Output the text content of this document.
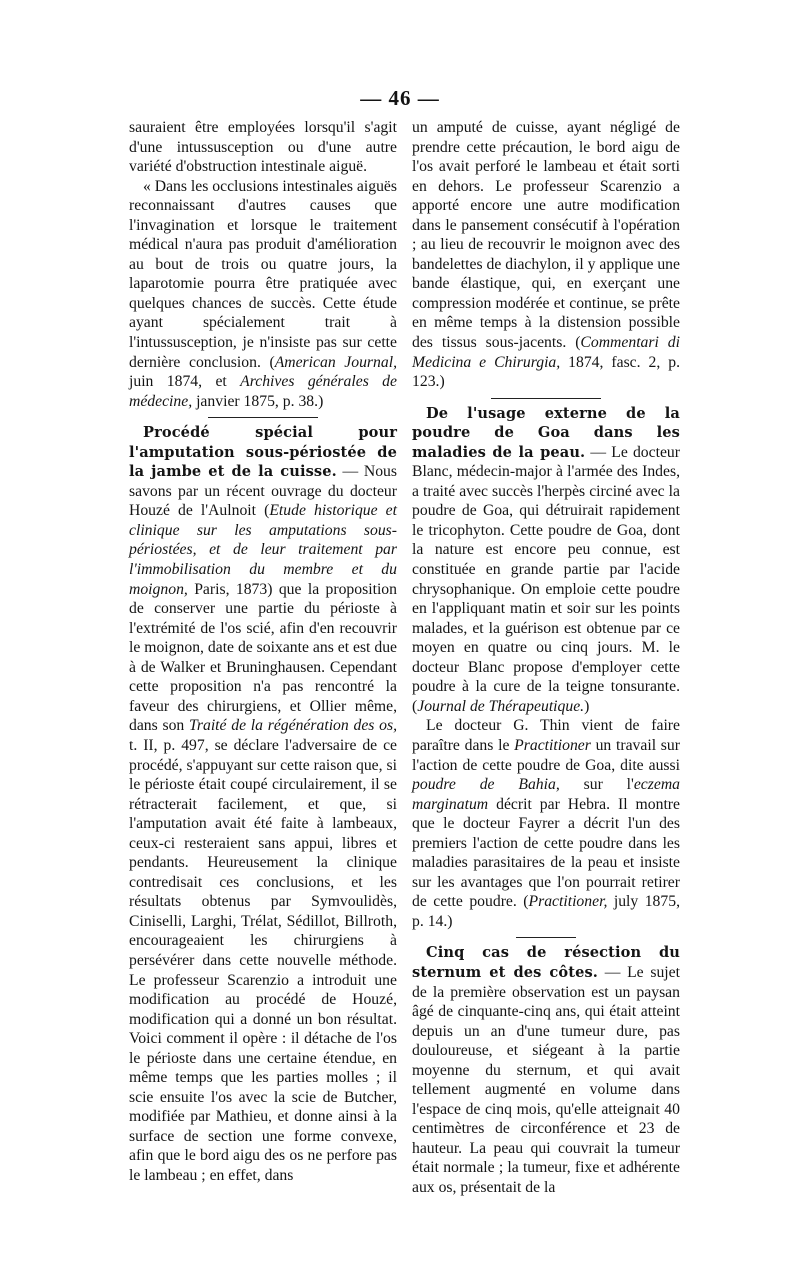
— 46 —

sauraient être employées lorsqu'il s'agit d'une intussusception ou d'une autre variété d'obstruction intestinale aiguë.

« Dans les occlusions intestinales aiguës reconnaissant d'autres causes que l'invagination et lorsque le traitement médical n'aura pas produit d'amélioration au bout de trois ou quatre jours, la laparotomie pourra être pratiquée avec quelques chances de succès. Cette étude ayant spécialement trait à l'intussusception, je n'insiste pas sur cette dernière conclusion. (American Journal, juin 1874, et Archives générales de médecine, janvier 1875, p. 38.)

Procédé spécial pour l'amputation sous-périostée de la jambe et de la cuisse. — Nous savons par un récent ouvrage du docteur Houzé de l'Aulnoit (Etude historique et clinique sur les amputations sous-périostées, et de leur traitement par l'immobilisation du membre et du moignon, Paris, 1873) que la proposition de conserver une partie du périoste à l'extrémité de l'os scié, afin d'en recouvrir le moignon, date de soixante ans et est due à de Walker et Bruninghausen. Cependant cette proposition n'a pas rencontré la faveur des chirurgiens, et Ollier même, dans son Traité de la régénération des os, t. II, p. 497, se déclare l'adversaire de ce procédé, s'appuyant sur cette raison que, si le périoste était coupé circulairement, il se rétracterait facilement, et que, si l'amputation avait été faite à lambeaux, ceux-ci resteraient sans appui, libres et pendants. Heureusement la clinique contredisait ces conclusions, et les résultats obtenus par Symvoulidès, Ciniselli, Larghi, Trélat, Sédillot, Billroth, encourageaient les chirurgiens à persévérer dans cette nouvelle méthode. Le professeur Scarenzio a introduit une modification au procédé de Houzé, modification qui a donné un bon résultat. Voici comment il opère : il détache de l'os le périoste dans une certaine étendue, en même temps que les parties molles ; il scie ensuite l'os avec la scie de Butcher, modifiée par Mathieu, et donne ainsi à la surface de section une forme convexe, afin que le bord aigu des os ne perfore pas le lambeau ; en effet, dans

un amputé de cuisse, ayant négligé de prendre cette précaution, le bord aigu de l'os avait perforé le lambeau et était sorti en dehors. Le professeur Scarenzio a apporté encore une autre modification dans le pansement consécutif à l'opération ; au lieu de recouvrir le moignon avec des bandelettes de diachylon, il y applique une bande élastique, qui, en exerçant une compression modérée et continue, se prête en même temps à la distension possible des tissus sous-jacents. (Commentari di Medicina e Chirurgia, 1874, fasc. 2, p. 123.)

De l'usage externe de la poudre de Goa dans les maladies de la peau. — Le docteur Blanc, médecin-major à l'armée des Indes, a traité avec succès l'herpès circiné avec la poudre de Goa, qui détruirait rapidement le tricophyton. Cette poudre de Goa, dont la nature est encore peu connue, est constituée en grande partie par l'acide chrysophanique. On emploie cette poudre en l'appliquant matin et soir sur les points malades, et la guérison est obtenue par ce moyen en quatre ou cinq jours. M. le docteur Blanc propose d'employer cette poudre à la cure de la teigne tonsurante. (Journal de Thérapeutique.)

Le docteur G. Thin vient de faire paraître dans le Practitioner un travail sur l'action de cette poudre de Goa, dite aussi poudre de Bahia, sur l'eczema marginatum décrit par Hebra. Il montre que le docteur Fayrer a décrit l'un des premiers l'action de cette poudre dans les maladies parasitaires de la peau et insiste sur les avantages que l'on pourrait retirer de cette poudre. (Practitioner, july 1875, p. 14.)

Cinq cas de résection du sternum et des côtes. — Le sujet de la première observation est un paysan âgé de cinquante-cinq ans, qui était atteint depuis un an d'une tumeur dure, pas douloureuse, et siégeant à la partie moyenne du sternum, et qui avait tellement augmenté en volume dans l'espace de cinq mois, qu'elle atteignait 40 centimètres de circonférence et 23 de hauteur. La peau qui couvrait la tumeur était normale ; la tumeur, fixe et adhérente aux os, présentait de la
